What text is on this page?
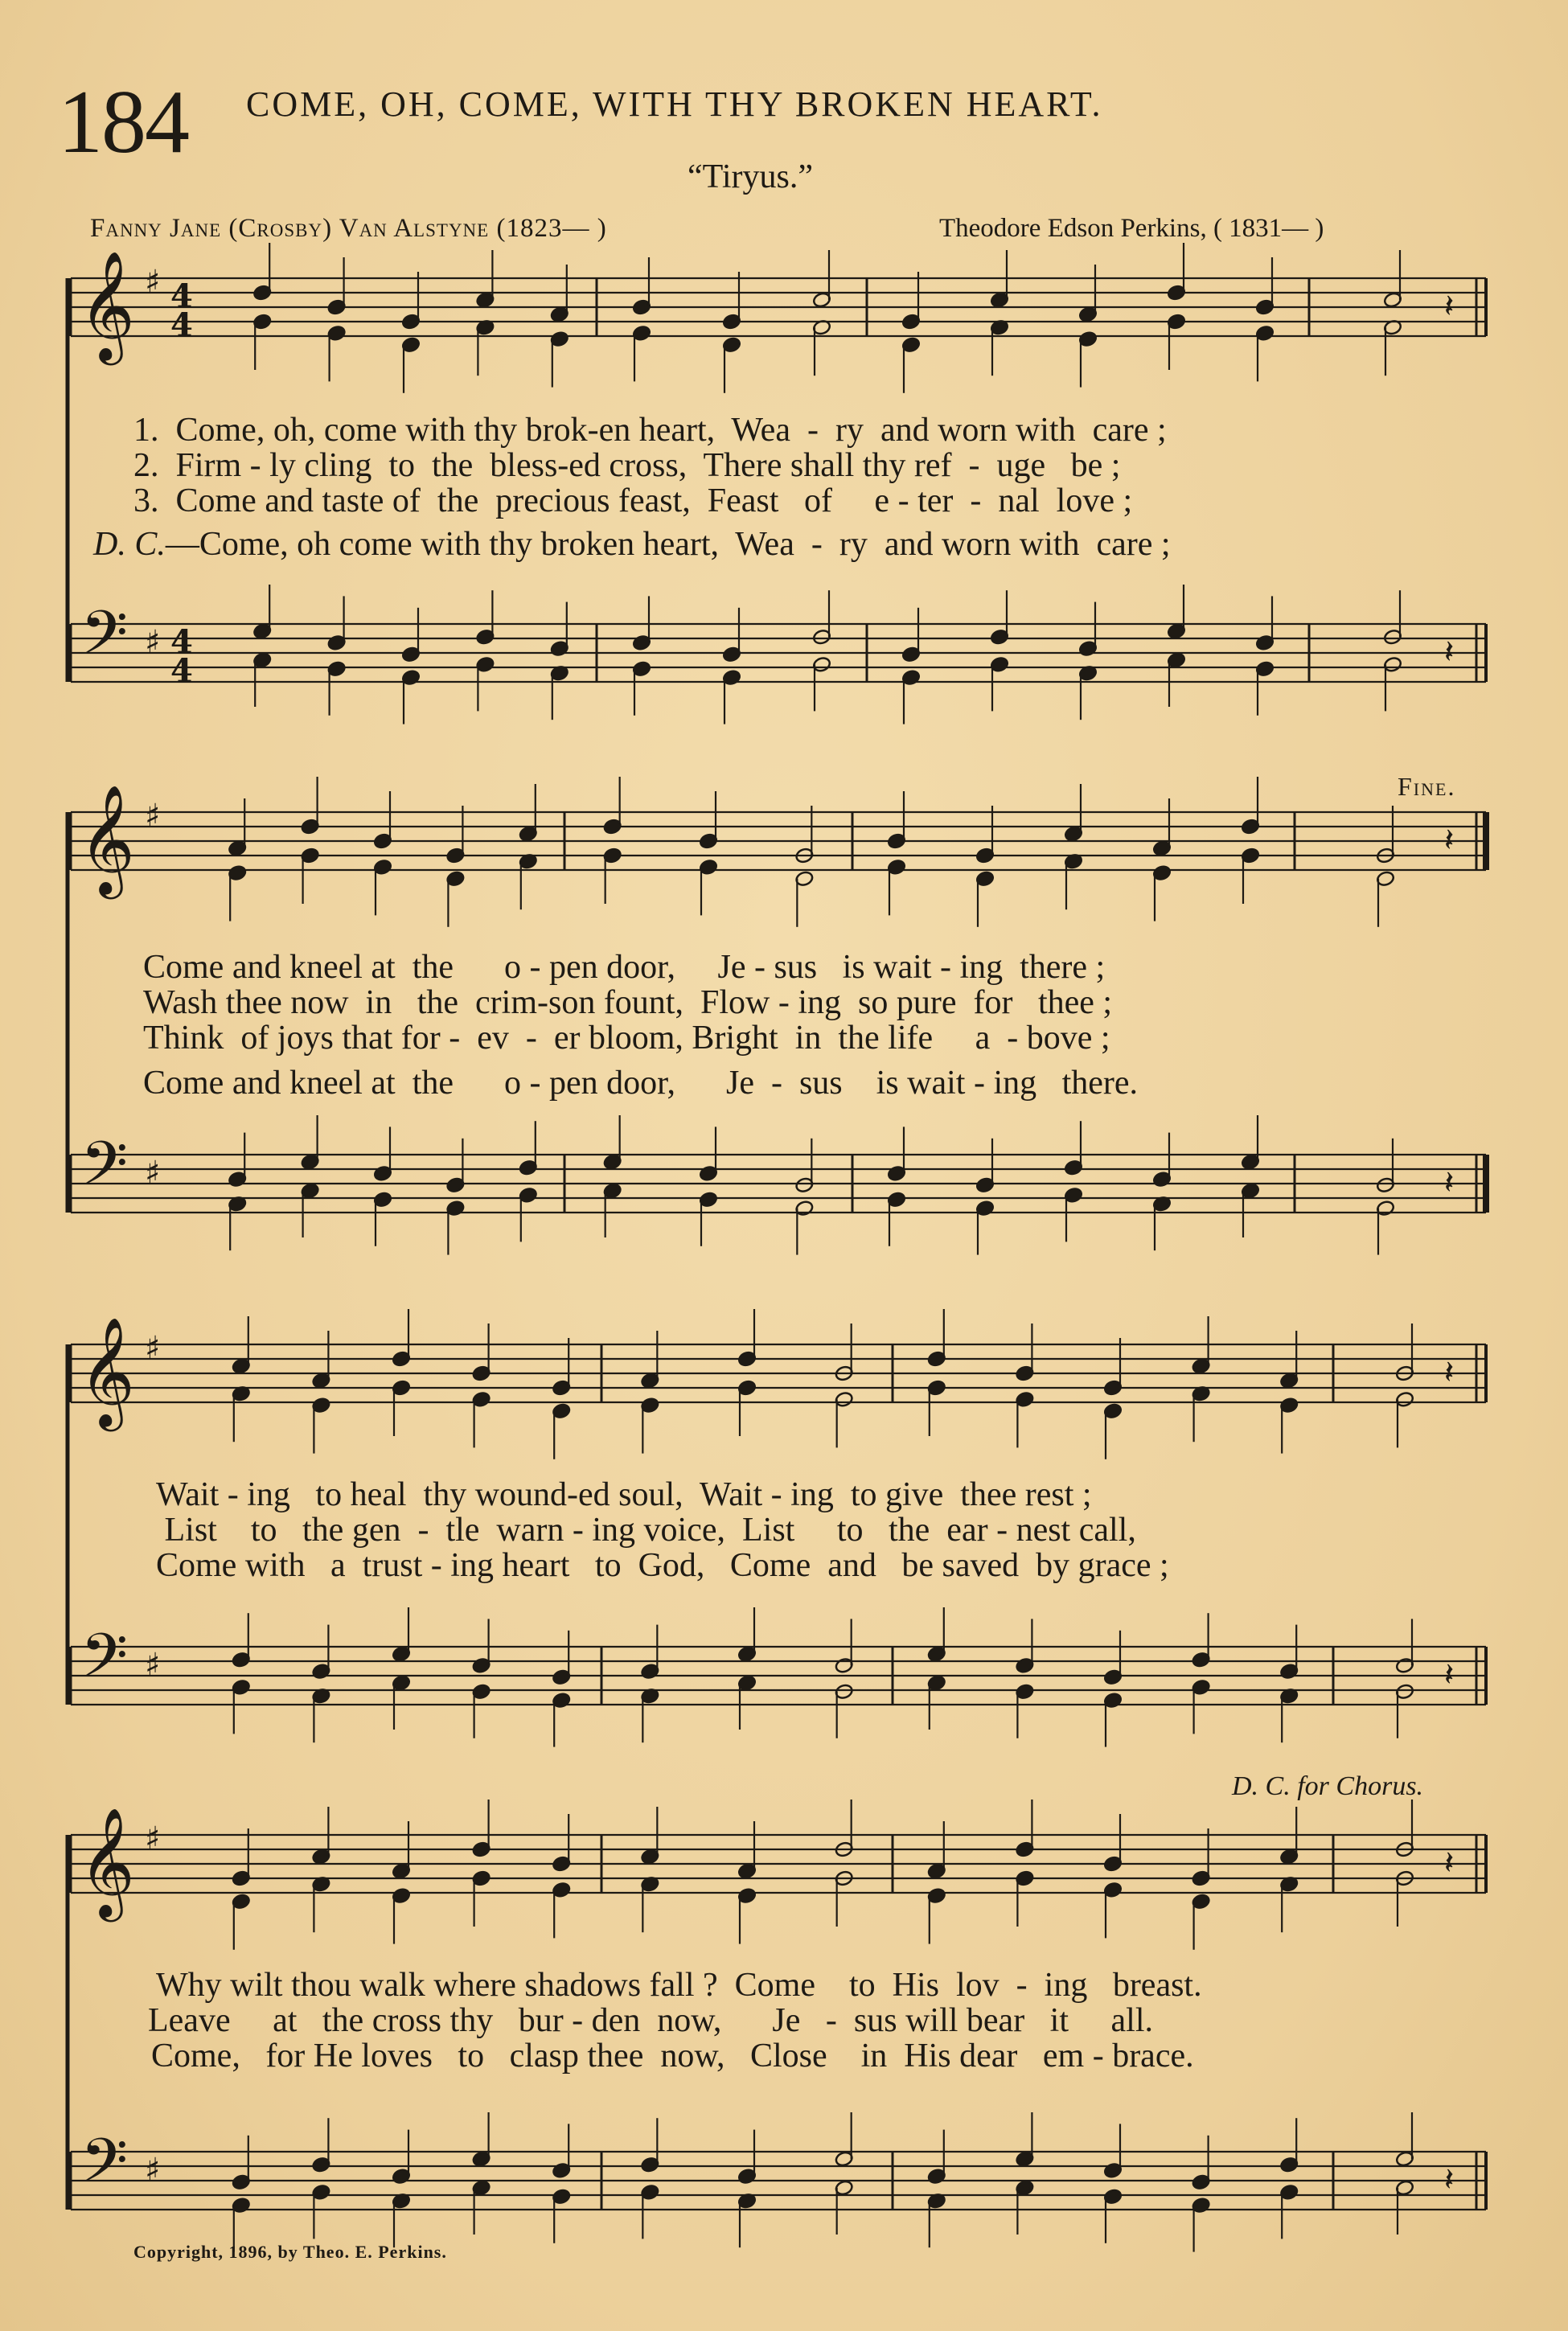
184 COME, OH, COME, WITH THY BROKEN HEART.
“Tiryus.”
Fanny Jane (Crosby) Van Alstyne (1823— )	Theodore Edson Perkins, ( 1831— )
𝄞
𝄢
♯
♯
4
4
4
4
𝄽
𝄽
𝄞
𝄢
♯
♯
𝄽
𝄽
𝄞
𝄢
♯
♯
𝄽
𝄽
𝄞
𝄢
♯
♯
𝄽
𝄽
Fine.
D. C. for Chorus.
1.  Come, oh, come with thy brok-en heart,  Wea  -  ry  and worn with  care ;
2.  Firm - ly cling  to  the  bless-ed cross,  There shall thy ref  -  uge   be ;
3.  Come and taste of  the  precious feast,  Feast   of     e - ter  -  nal  love ;
D. C.—Come, oh come with thy broken heart,  Wea  -  ry  and worn with  care ;
Come and kneel at  the      o - pen door,     Je - sus   is wait - ing  there ;
Wash thee now  in   the  crim-son fount,  Flow - ing  so pure  for   thee ;
Think  of joys that for -  ev  -  er bloom, Bright  in  the life     a  - bove ;
Come and kneel at  the      o - pen door,      Je  -  sus    is wait - ing   there.
Wait - ing   to heal  thy wound-ed soul,  Wait - ing  to give  thee rest ;
List    to   the gen  -  tle  warn - ing voice,  List     to   the  ear - nest call,
Come with   a  trust - ing heart   to  God,   Come  and   be saved  by grace ;
Why wilt thou walk where shadows fall ?  Come    to  His  lov  -  ing   breast.
Leave     at   the cross thy   bur - den  now,      Je   -  sus will bear   it     all.
Come,   for He loves   to   clasp thee  now,   Close    in  His dear   em - brace.
Copyright, 1896, by Theo. E. Perkins.
